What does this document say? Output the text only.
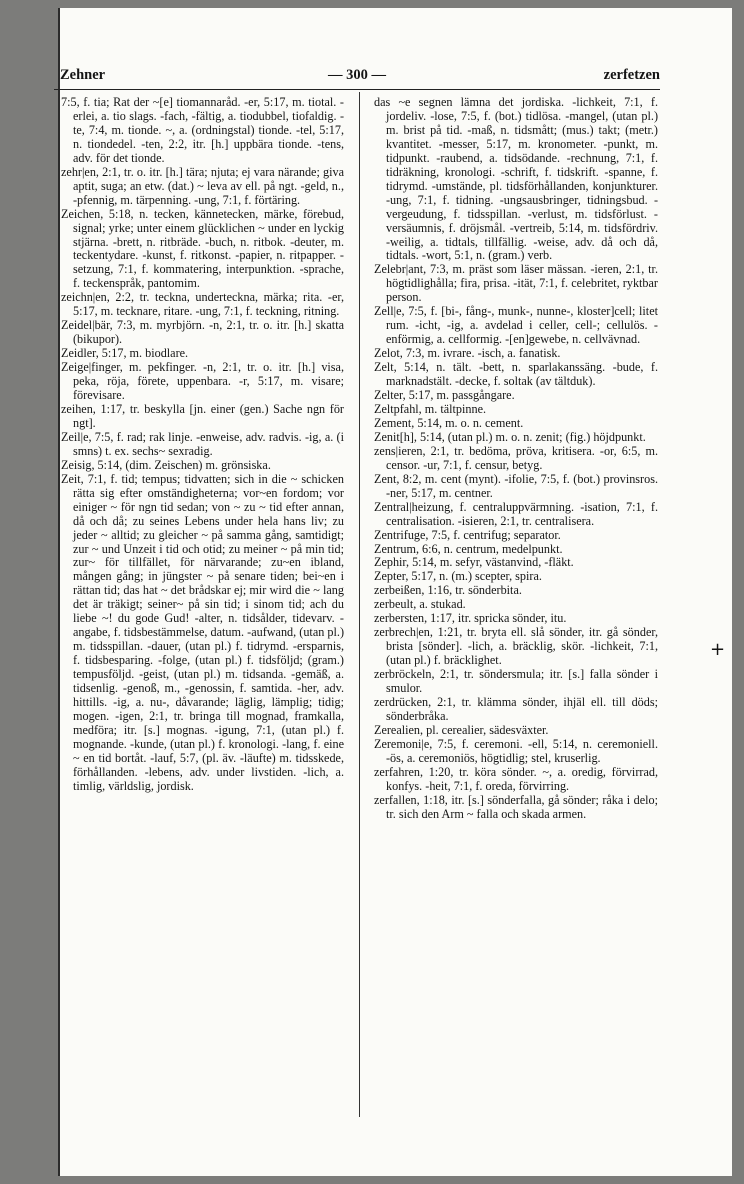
Zehner	— 300 —	zerfetzen

7:5, f. tia; Rat der ~[e] tiomannaråd. -er, 5:17, m. tiotal. -erlei, a. tio slags. -fach, -fältig, a. tiodubbel, tiofaldig. -te, 7:4, m. tionde. ~, a. (ordningstal) tionde. -tel, 5:17, n. tiondedel. -ten, 2:2, itr. [h.] uppbära tionde. -tens, adv. för det tionde.

zehr|en, 2:1, tr. o. itr. [h.] tära; njuta; ej vara närande; giva aptit, suga; an etw. (dat.) ~ leva av ell. på ngt. -geld, n., -pfennig, m. tärpenning. -ung, 7:1, f. förtäring.

Zeichen, 5:18, n. tecken, kännetecken, märke, förebud, signal; yrke; unter einem glücklichen ~ under en lyckig stjärna. -brett, n. ritbräde. -buch, n. ritbok. -deuter, m. teckentydare. -kunst, f. ritkonst. -papier, n. ritpapper. -setzung, 7:1, f. kommatering, interpunktion. -sprache, f. teckenspråk, pantomim.

zeichn|en, 2:2, tr. teckna, underteckna, märka; rita. -er, 5:17, m. tecknare, ritare. -ung, 7:1, f. teckning, ritning.

Zeidel|bär, 7:3, m. myrbjörn. -n, 2:1, tr. o. itr. [h.] skatta (bikupor).

Zeidler, 5:17, m. biodlare.

Zeige|finger, m. pekfinger. -n, 2:1, tr. o. itr. [h.] visa, peka, röja, förete, uppenbara. -r, 5:17, m. visare; förevisare.

zeihen, 1:17, tr. beskylla [jn. einer (gen.) Sache ngn för ngt].

Zeil|e, 7:5, f. rad; rak linje. -enweise, adv. radvis. -ig, a. (i smns) t. ex. sechs~ sexradig.

Zeisig, 5:14, (dim. Zeischen) m. grönsiska.

Zeit, 7:1, f. tid; tempus; tidvatten; sich in die ~ schicken rätta sig efter omständigheterna; vor~en fordom; vor einiger ~ för ngn tid sedan; von ~ zu ~ tid efter annan, då och då; zu seines Lebens under hela hans liv; zu jeder ~ alltid; zu gleicher ~ på samma gång, samtidigt; zur ~ und Unzeit i tid och otid; zu meiner ~ på min tid; zur~ för tillfället, för närvarande; zu~en ibland, mången gång; in jüngster ~ på senare tiden; bei~en i rättan tid; das hat ~ det brådskar ej; mir wird die ~ lang det är träkigt; seiner~ på sin tid; i sinom tid; ach du liebe ~! du gode Gud! -alter, n. tidsålder, tidevarv. -angabe, f. tidsbestämmelse, datum. -aufwand, (utan pl.) m. tidsspillan. -dauer, (utan pl.) f. tidrymd. -ersparnis, f. tidsbesparing. -folge, (utan pl.) f. tidsföljd; (gram.) tempusföljd. -geist, (utan pl.) m. tidsanda. -gemäß, a. tidsenlig. -genoß, m., -genossin, f. samtida. -her, adv. hittills. -ig, a. nu-, dåvarande; läglig, lämplig; tidig; mogen. -igen, 2:1, tr. bringa till mognad, framkalla, medföra; itr. [s.] mognas. -igung, 7:1, (utan pl.) f. mognande. -kunde, (utan pl.) f. kronologi. -lang, f. eine ~ en tid bortåt. -lauf, 5:7, (pl. äv. -läufte) m. tidsskede, förhållanden. -lebens, adv. under livstiden. -lich, a. timlig, världslig, jordisk.

das ~e segnen lämna det jordiska. -lichkeit, 7:1, f. jordeliv. -lose, 7:5, f. (bot.) tidlösa. -mangel, (utan pl.) m. brist på tid. -maß, n. tidsmått; (mus.) takt; (metr.) kvantitet. -messer, 5:17, m. kronometer. -punkt, m. tidpunkt. -raubend, a. tidsödande. -rechnung, 7:1, f. tidräkning, kronologi. -schrift, f. tidskrift. -spanne, f. tidrymd. -umstände, pl. tidsförhållanden, konjunkturer. -ung, 7:1, f. tidning. -ungsausbringer, tidningsbud. -vergeudung, f. tidsspillan. -verlust, m. tidsförlust. -versäumnis, f. dröjsmål. -vertreib, 5:14, m. tidsfördriv. -weilig, a. tidtals, tillfällig. -weise, adv. då och då, tidtals. -wort, 5:1, n. (gram.) verb.

Zelebr|ant, 7:3, m. präst som läser mässan. -ieren, 2:1, tr. högtidlighålla; fira, prisa. -ität, 7:1, f. celebritet, ryktbar person.

Zell|e, 7:5, f. [bi-, fång-, munk-, nunne-, kloster]cell; litet rum. -icht, -ig, a. avdelad i celler, cell-; cellulös. -enförmig, a. cellformig. -[en]gewebe, n. cellvävnad.

Zelot, 7:3, m. ivrare. -isch, a. fanatisk.

Zelt, 5:14, n. tält. -bett, n. sparlakanssäng. -bude, f. marknadstält. -decke, f. soltak (av tältduk).

Zelter, 5:17, m. passgångare.

Zeltpfahl, m. tältpinne.

Zement, 5:14, m. o. n. cement.

Zenit[h], 5:14, (utan pl.) m. o. n. zenit; (fig.) höjdpunkt.

zens|ieren, 2:1, tr. bedöma, pröva, kritisera. -or, 6:5, m. censor. -ur, 7:1, f. censur, betyg.

Zent, 8:2, m. cent (mynt). -ifolie, 7:5, f. (bot.) provinsros. -ner, 5:17, m. centner.

Zentral|heizung, f. centraluppvärmning. -isation, 7:1, f. centralisation. -isieren, 2:1, tr. centralisera.

Zentrifuge, 7:5, f. centrifug; separator.

Zentrum, 6:6, n. centrum, medelpunkt.

Zephir, 5:14, m. sefyr, västanvind, -fläkt.

Zepter, 5:17, n. (m.) scepter, spira.

zerbeißen, 1:16, tr. sönderbita.

zerbeult, a. stukad.

zerbersten, 1:17, itr. spricka sönder, itu.

zerbrech|en, 1:21, tr. bryta ell. slå sönder, itr. gå sönder, brista [sönder]. -lich, a. bräcklig, skör. -lichkeit, 7:1, (utan pl.) f. bräcklighet.

zerbröckeln, 2:1, tr. söndersmula; itr. [s.] falla sönder i smulor.

zerdrücken, 2:1, tr. klämma sönder, ihjäl ell. till döds; sönderbråka.

Zerealien, pl. cerealier, sädesväxter.

Zeremoni|e, 7:5, f. ceremoni. -ell, 5:14, n. ceremoniell. -ös, a. ceremoniös, högtidlig; stel, kruserlig.

zerfahren, 1:20, tr. köra sönder. ~, a. oredig, förvirrad, konfys. -heit, 7:1, f. oreda, förvirring.

zerfallen, 1:18, itr. [s.] sönderfalla, gå sönder; råka i delo; tr. sich den Arm ~ falla och skada armen.

+
